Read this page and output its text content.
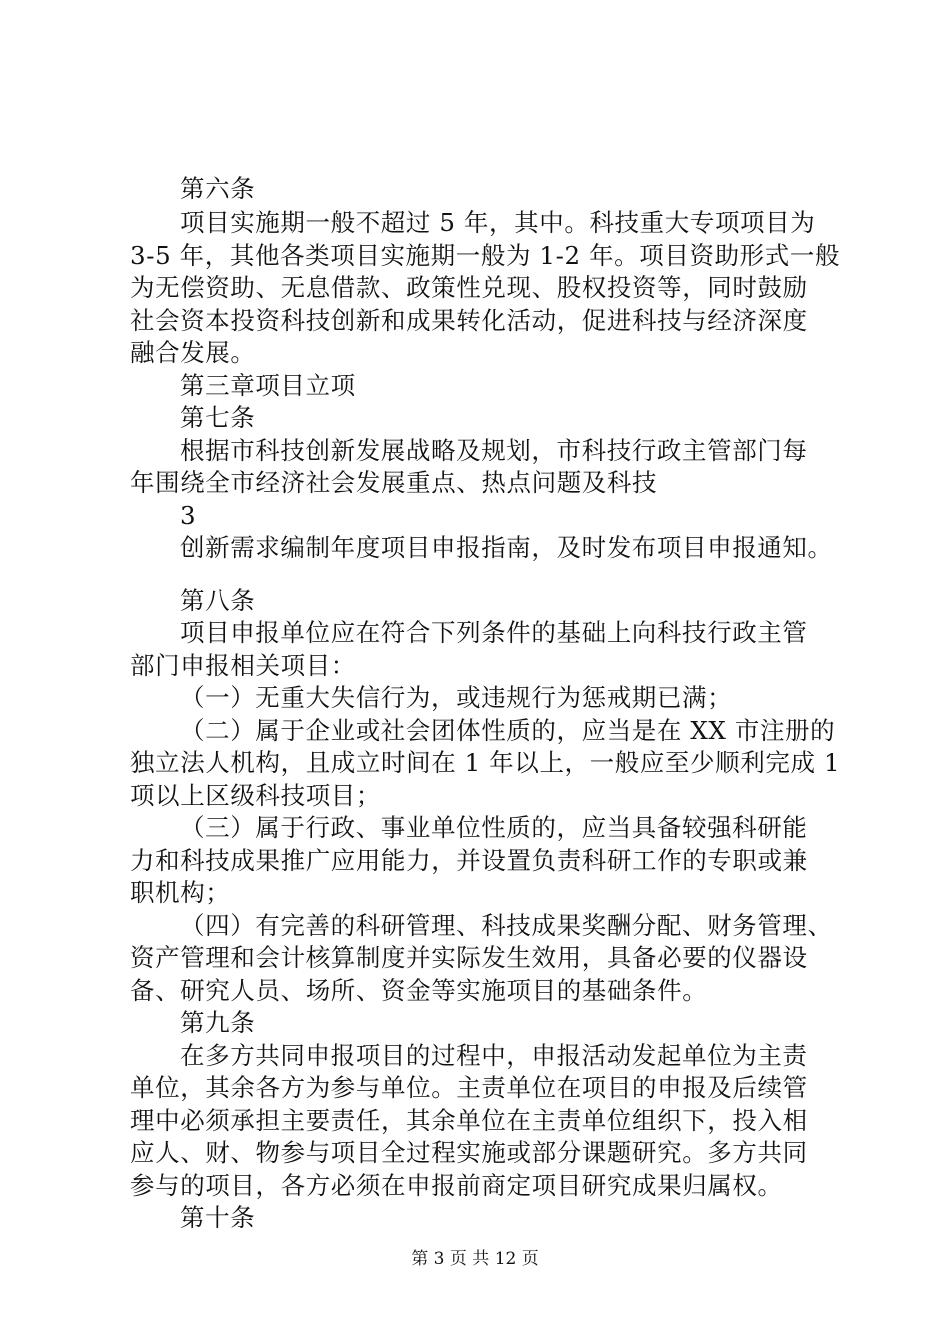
第六条
项目实施期一般不超过 5 年，其中。科技重大专项项目为
3-5 年，其他各类项目实施期一般为 1-2 年。项目资助形式一般
为无偿资助、无息借款、政策性兑现、股权投资等，同时鼓励
社会资本投资科技创新和成果转化活动，促进科技与经济深度
融合发展。
第三章项目立项
第七条
根据市科技创新发展战略及规划，市科技行政主管部门每
年围绕全市经济社会发展重点、热点问题及科技
3
创新需求编制年度项目申报指南，及时发布项目申报通知。
第八条
项目申报单位应在符合下列条件的基础上向科技行政主管
部门申报相关项目：
（一）无重大失信行为，或违规行为惩戒期已满；
（二）属于企业或社会团体性质的，应当是在 XX 市注册的
独立法人机构，且成立时间在 1 年以上，一般应至少顺利完成 1
项以上区级科技项目；
（三）属于行政、事业单位性质的，应当具备较强科研能
力和科技成果推广应用能力，并设置负责科研工作的专职或兼
职机构；
（四）有完善的科研管理、科技成果奖酬分配、财务管理、
资产管理和会计核算制度并实际发生效用，具备必要的仪器设
备、研究人员、场所、资金等实施项目的基础条件。
第九条
在多方共同申报项目的过程中，申报活动发起单位为主责
单位，其余各方为参与单位。主责单位在项目的申报及后续管
理中必须承担主要责任，其余单位在主责单位组织下，投入相
应人、财、物参与项目全过程实施或部分课题研究。多方共同
参与的项目，各方必须在申报前商定项目研究成果归属权。
第十条
第 3 页 共 12 页
